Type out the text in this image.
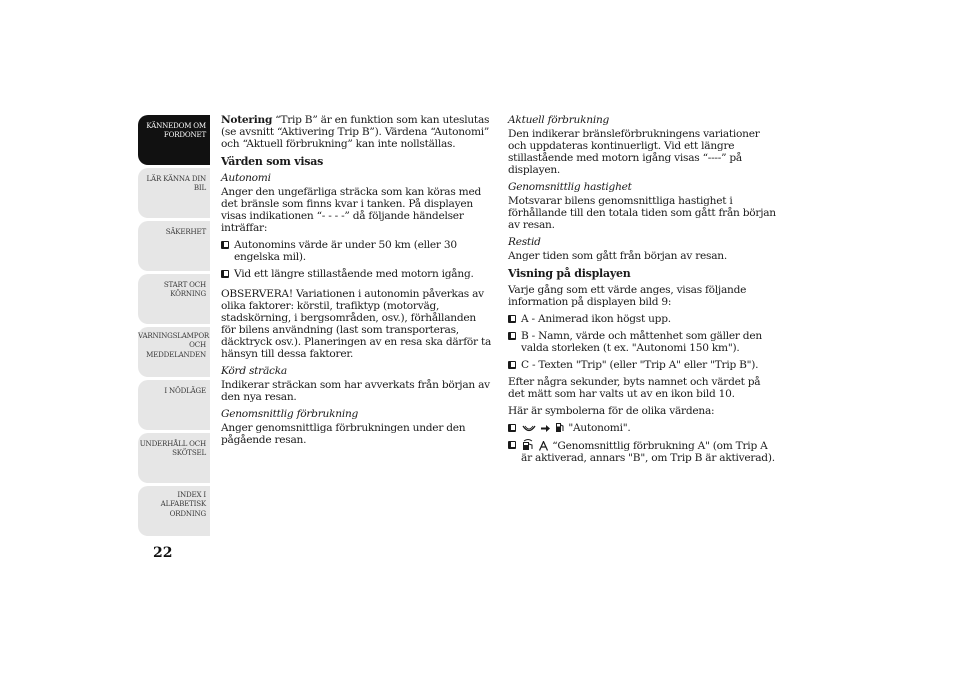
KÄNNEDOM OM
FORDONET
LÄR KÄNNA DIN
BIL
SÄKERHET
START OCH
KÖRNING
VARNINGSLAMPOR
OCH
MEDDELANDEN
I NÖDLÄGE
UNDERHÅLL OCH
SKÖTSEL
INDEX I
ALFABETISK
ORDNING
22

Notering “Trip B” är en funktion som kan uteslutas (se avsnitt “Aktivering Trip B”). Värdena “Autonomi” och “Aktuell förbrukning” kan inte nollställas.

Värden som visas
Autonomi

Anger den ungefärliga sträcka som kan köras med det bränsle som finns kvar i tanken. På displayen visas indikationen “- - - -” då följande händelser inträffar:

Autonomins värde är under 50 km (eller 30 engelska mil).
Vid ett längre stillastående med motorn igång.

OBSERVERA! Variationen i autonomin påverkas av olika faktorer: körstil, trafiktyp (motorväg, stadskörning, i bergsområden, osv.), förhållanden för bilens användning (last som transporteras, däcktryck osv.). Planeringen av en resa ska därför ta hänsyn till dessa faktorer.

Körd sträcka

Indikerar sträckan som har avverkats från början av den nya resan.

Genomsnittlig förbrukning

Anger genomsnittliga förbrukningen under den pågående resan.

Aktuell förbrukning

Den indikerar bränsleförbrukningens variationer och uppdateras kontinuerligt. Vid ett längre stillastående med motorn igång visas “----” på displayen.

Genomsnittlig hastighet

Motsvarar bilens genomsnittliga hastighet i förhållande till den totala tiden som gått från början av resan.

Restid

Anger tiden som gått från början av resan.

Visning på displayen

Varje gång som ett värde anges, visas följande information på displayen bild 9:

A - Animerad ikon högst upp.
B - Namn, värde och måttenhet som gäller den valda storleken (t ex. "Autonomi 150 km").
C - Texten "Trip" (eller "Trip A" eller "Trip B").

Efter några sekunder, byts namnet och värdet på det mätt som har valts ut av en ikon bild 10.

Här är symbolerna för de olika värdena:

"Autonomi".

“Genomsnittlig förbrukning A" (om Trip A är aktiverad, annars "B", om Trip B är aktiverad).
